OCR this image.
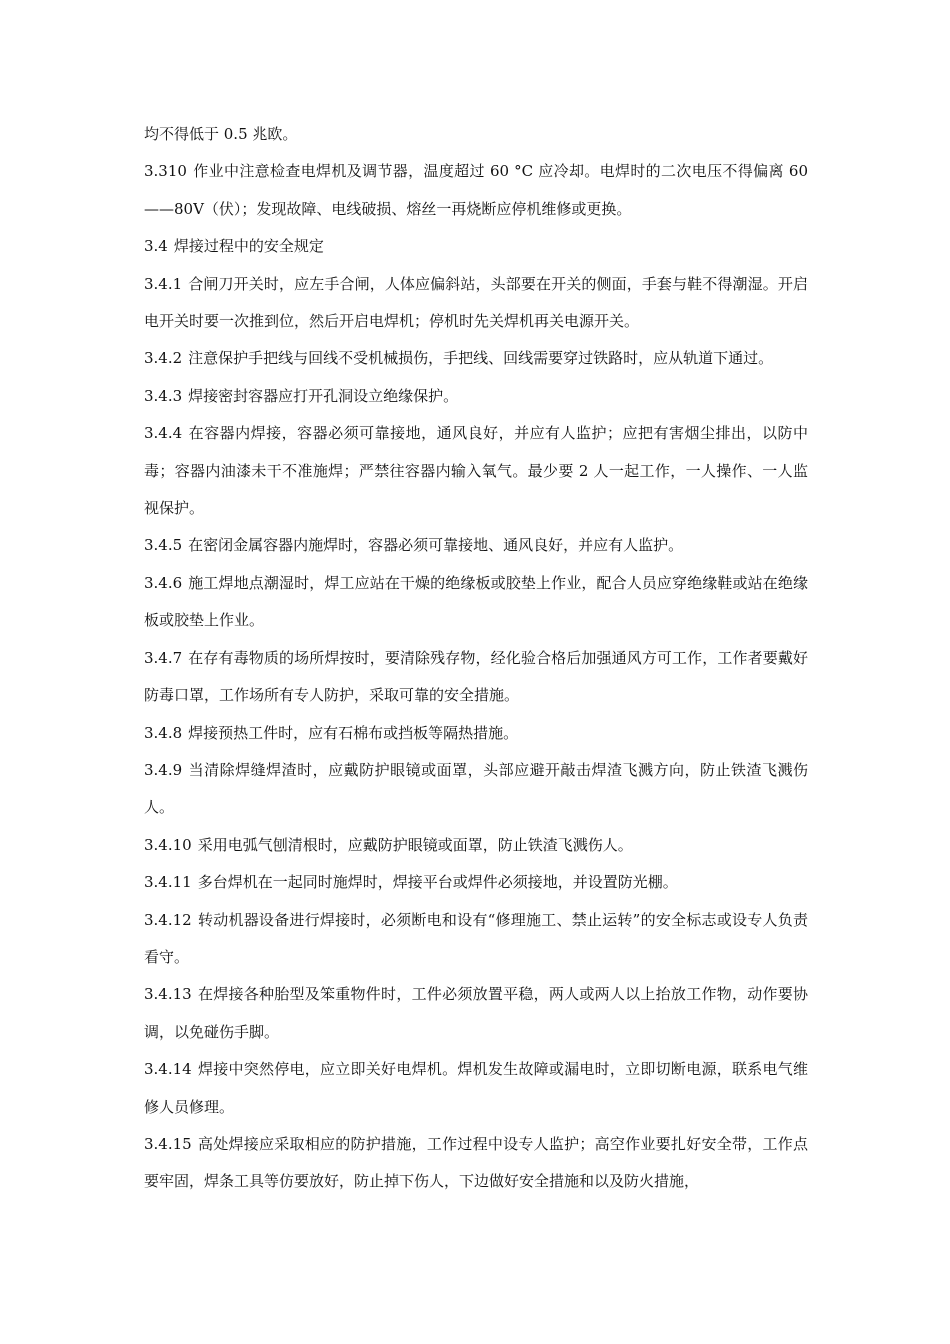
均不得低于 0.5 兆欧。

3.310 作业中注意检查电焊机及调节器，温度超过 60 °C 应冷却。电焊时的二次电压不得偏离 60——80V（伏）；发现故障、电线破损、熔丝一再烧断应停机维修或更换。

3.4 焊接过程中的安全规定

3.4.1 合闸刀开关时，应左手合闸，人体应偏斜站，头部要在开关的侧面，手套与鞋不得潮湿。开启电开关时要一次推到位，然后开启电焊机；停机时先关焊机再关电源开关。

3.4.2 注意保护手把线与回线不受机械损伤，手把线、回线需要穿过铁路时，应从轨道下通过。

3.4.3 焊接密封容器应打开孔洞设立绝缘保护。

3.4.4 在容器内焊接，容器必须可靠接地，通风良好，并应有人监护；应把有害烟尘排出，以防中毒；容器内油漆未干不准施焊；严禁往容器内输入氧气。最少要 2 人一起工作，一人操作、一人监视保护。

3.4.5 在密闭金属容器内施焊时，容器必须可靠接地、通风良好，并应有人监护。

3.4.6 施工焊地点潮湿时，焊工应站在干燥的绝缘板或胶垫上作业，配合人员应穿绝缘鞋或站在绝缘板或胶垫上作业。

3.4.7 在存有毒物质的场所焊按时，要清除残存物，经化验合格后加强通风方可工作，工作者要戴好防毒口罩，工作场所有专人防护，采取可靠的安全措施。

3.4.8 焊接预热工件时，应有石棉布或挡板等隔热措施。

3.4.9 当清除焊缝焊渣时，应戴防护眼镜或面罩，头部应避开敲击焊渣飞溅方向，防止铁渣飞溅伤人。

3.4.10 采用电弧气刨清根时，应戴防护眼镜或面罩，防止铁渣飞溅伤人。

3.4.11 多台焊机在一起同时施焊时，焊接平台或焊件必须接地，并设置防光棚。

3.4.12 转动机器设备进行焊接时，必须断电和设有“修理施工、禁止运转”的安全标志或设专人负责看守。

3.4.13 在焊接各种胎型及笨重物件时，工件必须放置平稳，两人或两人以上抬放工作物，动作要协调，以免碰伤手脚。

3.4.14 焊接中突然停电，应立即关好电焊机。焊机发生故障或漏电时，立即切断电源，联系电气维修人员修理。

3.4.15 高处焊接应采取相应的防护措施，工作过程中设专人监护；高空作业要扎好安全带，工作点要牢固，焊条工具等仿要放好，防止掉下伤人，下边做好安全措施和以及防火措施，
